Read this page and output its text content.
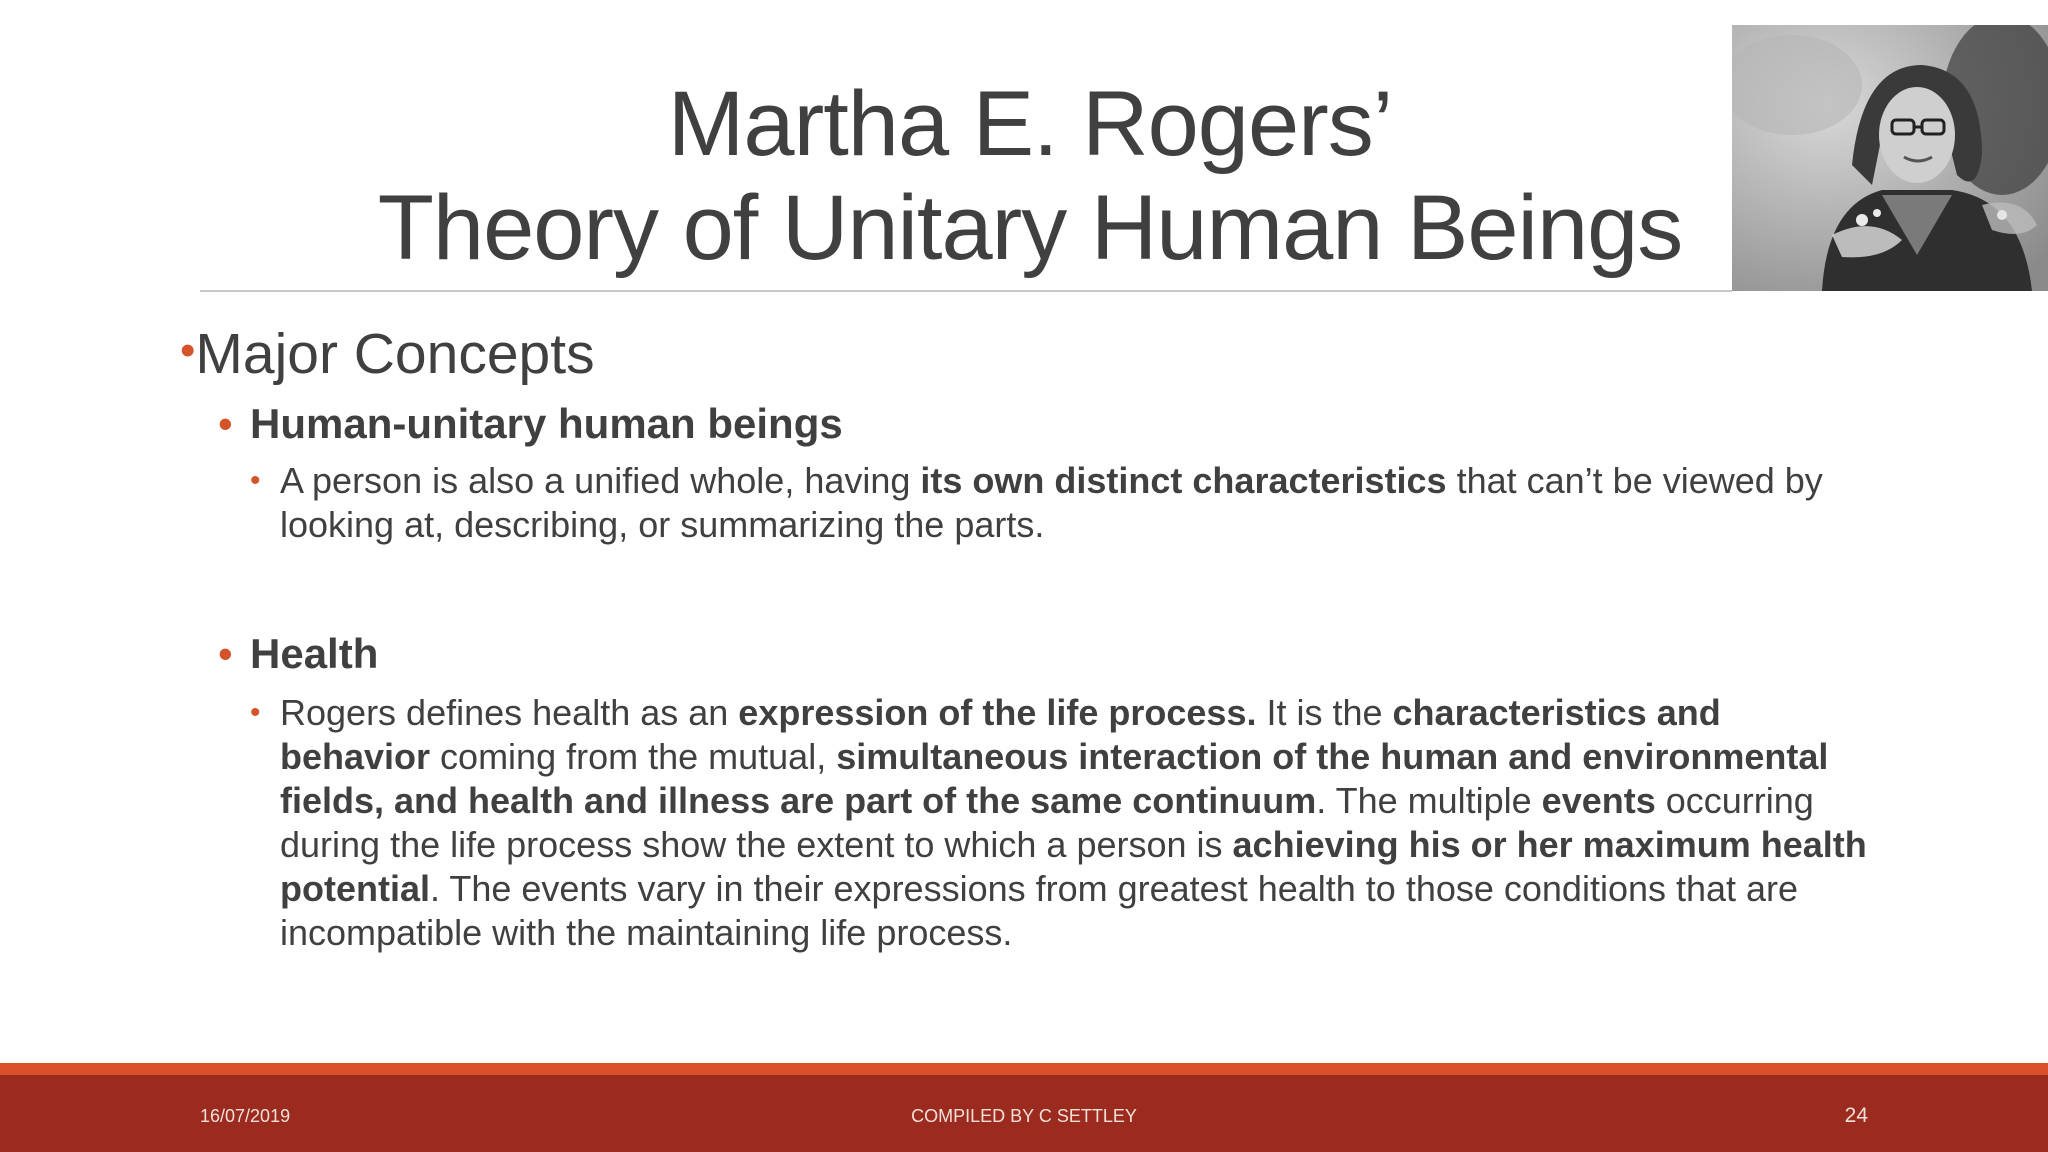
Martha E. Rogers’
Theory of Unitary Human Beings

•Major Concepts

• Human-unitary human beings
• A person is also a unified whole, having its own distinct characteristics that can’t be viewed by looking at, describing, or summarizing the parts.
• Health
• Rogers defines health as an expression of the life process. It is the characteristics and behavior coming from the mutual, simultaneous interaction of the human and environmental fields, and health and illness are part of the same continuum. The multiple events occurring during the life process show the extent to which a person is achieving his or her maximum health potential. The events vary in their expressions from greatest health to those conditions that are incompatible with the maintaining life process.
16/07/2019	COMPILED BY C SETTLEY	24
